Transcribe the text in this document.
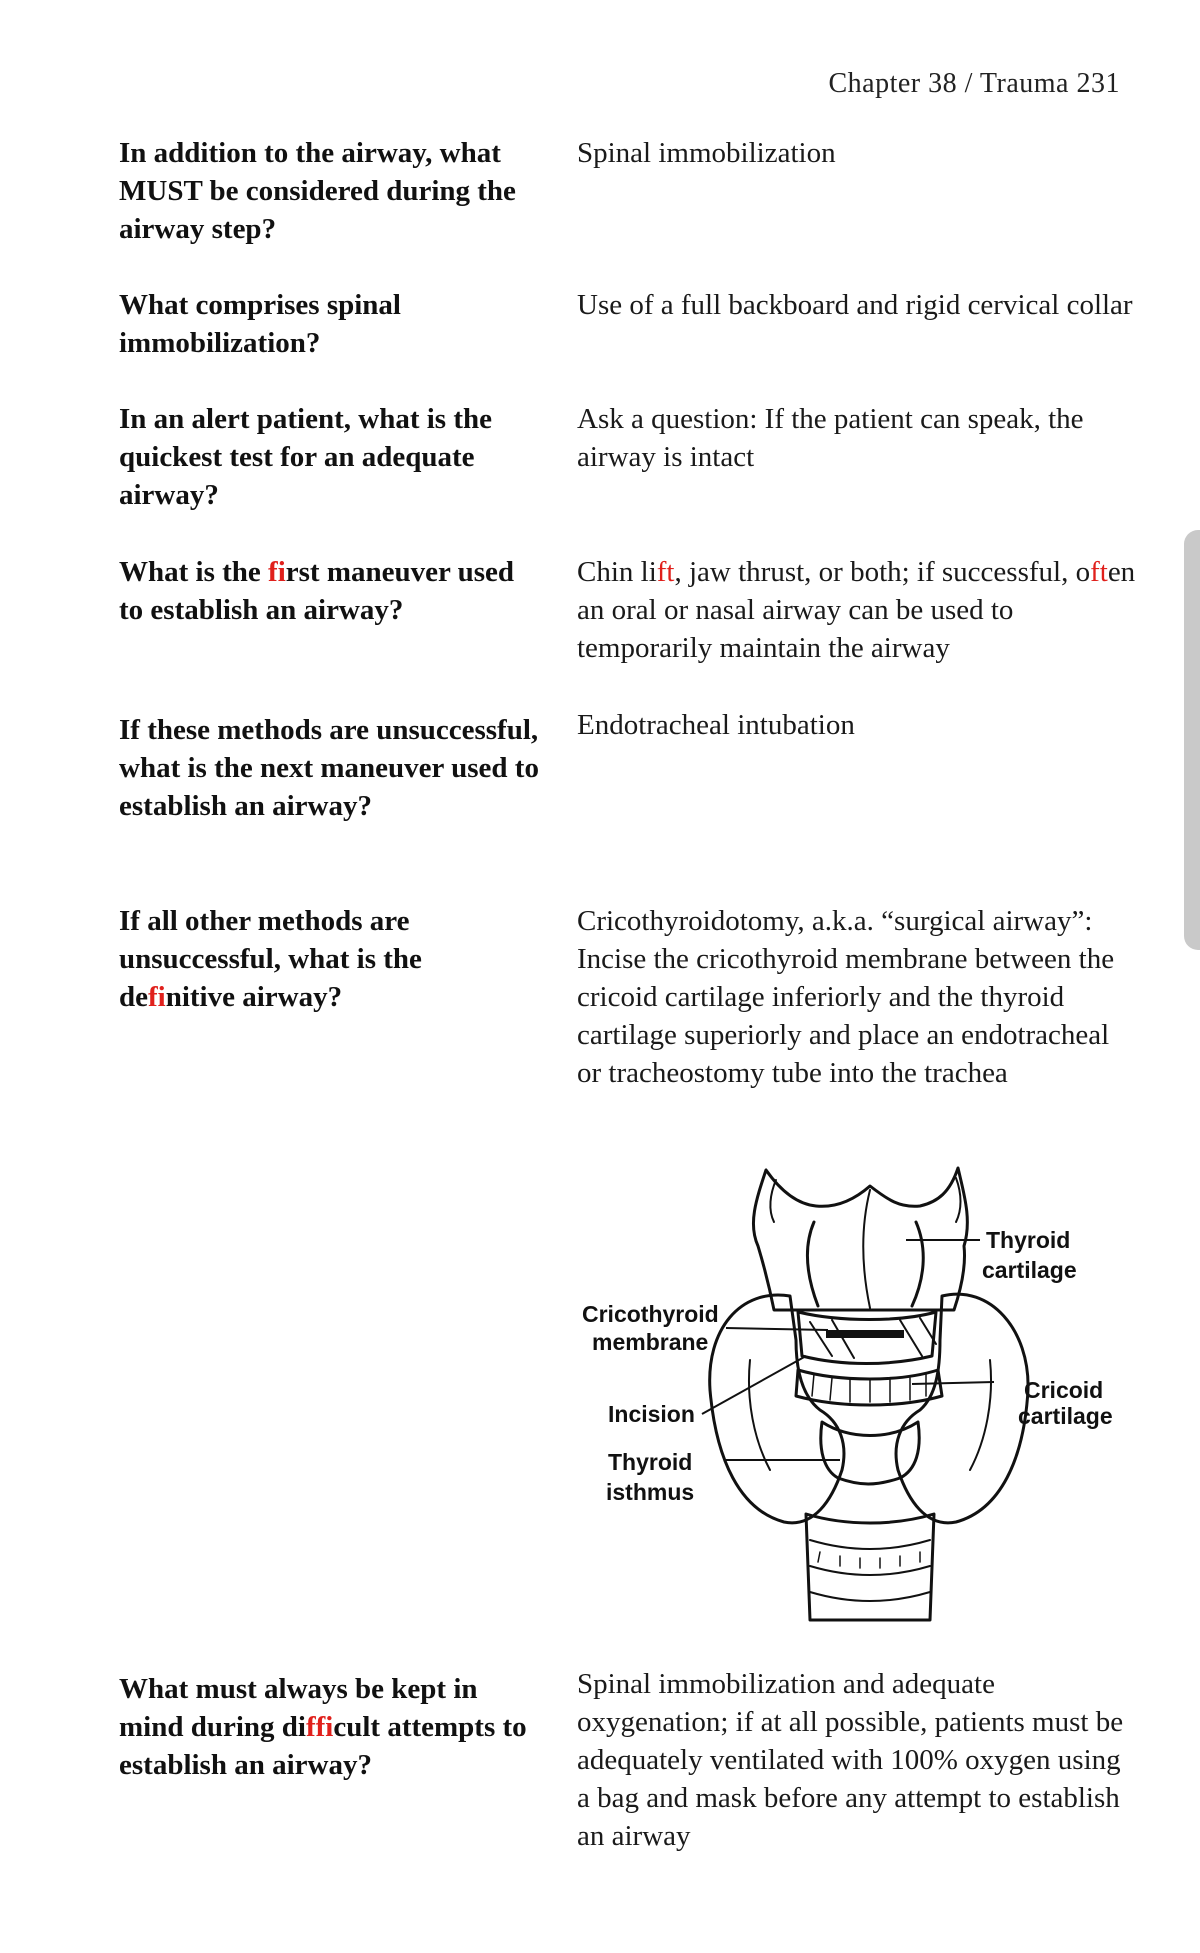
Chapter 38 / Trauma 231
In addition to the airway, what MUST be considered during the airway step?
Spinal immobilization
What comprises spinal immobilization?
Use of a full backboard and rigid cervical collar
In an alert patient, what is the quickest test for an adequate airway?
Ask a question: If the patient can speak, the airway is intact
What is the first maneuver used to establish an airway?
Chin lift, jaw thrust, or both; if successful, often an oral or nasal airway can be used to temporarily maintain the airway
If these methods are unsuccessful, what is the next maneuver used to establish an airway?
Endotracheal intubation
If all other methods are unsuccessful, what is the definitive airway?
Cricothyroidotomy, a.k.a. “surgical airway”: Incise the cricothyroid membrane between the cricoid cartilage inferiorly and the thyroid cartilage superiorly and place an endotracheal or tracheostomy tube into the trachea
Thyroid
cartilage
Cricothyroid
membrane
Incision
Thyroid
isthmus
Cricoid
cartilage
What must always be kept in mind during difficult attempts to establish an airway?
Spinal immobilization and adequate oxygenation; if at all possible, patients must be adequately ventilated with 100% oxygen using a bag and mask before any attempt to establish an airway
